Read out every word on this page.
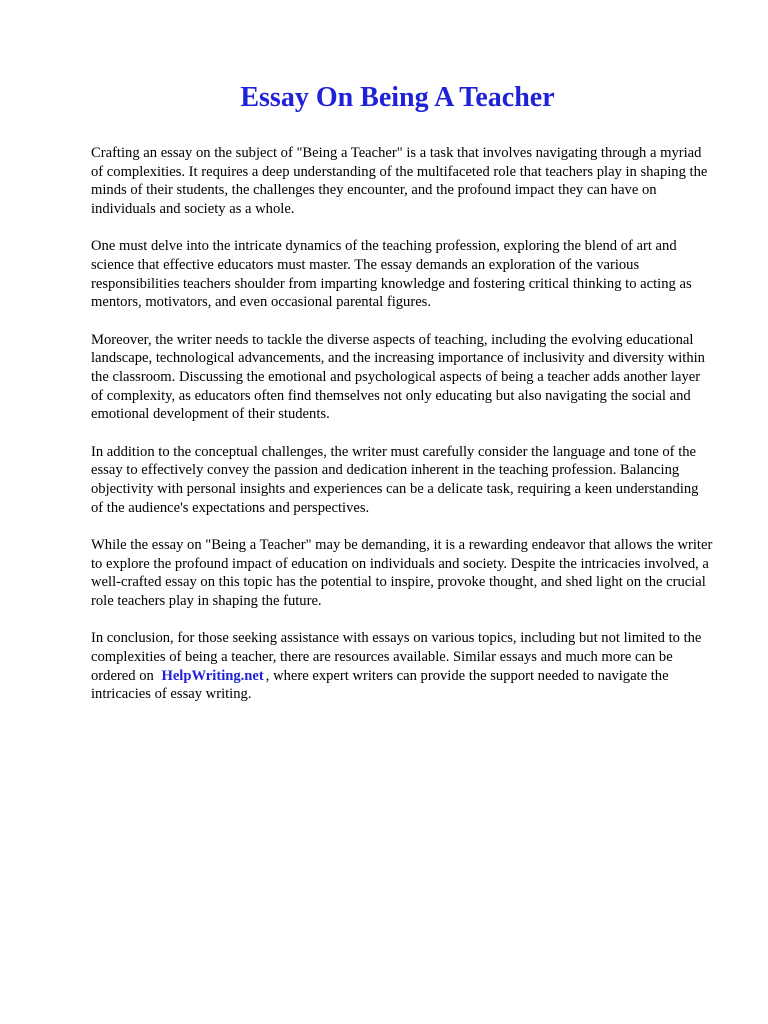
Essay On Being A Teacher

Crafting an essay on the subject of "Being a Teacher" is a task that involves navigating through a myriad of complexities. It requires a deep understanding of the multifaceted role that teachers play in shaping the minds of their students, the challenges they encounter, and the profound impact they can have on individuals and society as a whole.

One must delve into the intricate dynamics of the teaching profession, exploring the blend of art and science that effective educators must master. The essay demands an exploration of the various responsibilities teachers shoulder from imparting knowledge and fostering critical thinking to acting as mentors, motivators, and even occasional parental figures.

Moreover, the writer needs to tackle the diverse aspects of teaching, including the evolving educational landscape, technological advancements, and the increasing importance of inclusivity and diversity within the classroom. Discussing the emotional and psychological aspects of being a teacher adds another layer of complexity, as educators often find themselves not only educating but also navigating the social and emotional development of their students.

In addition to the conceptual challenges, the writer must carefully consider the language and tone of the essay to effectively convey the passion and dedication inherent in the teaching profession. Balancing objectivity with personal insights and experiences can be a delicate task, requiring a keen understanding of the audience's expectations and perspectives.

While the essay on "Being a Teacher" may be demanding, it is a rewarding endeavor that allows the writer to explore the profound impact of education on individuals and society. Despite the intricacies involved, a well-crafted essay on this topic has the potential to inspire, provoke thought, and shed light on the crucial role teachers play in shaping the future.

In conclusion, for those seeking assistance with essays on various topics, including but not limited to the complexities of being a teacher, there are resources available. Similar essays and much more can be ordered on HelpWriting.net , where expert writers can provide the support needed to navigate the intricacies of essay writing.
